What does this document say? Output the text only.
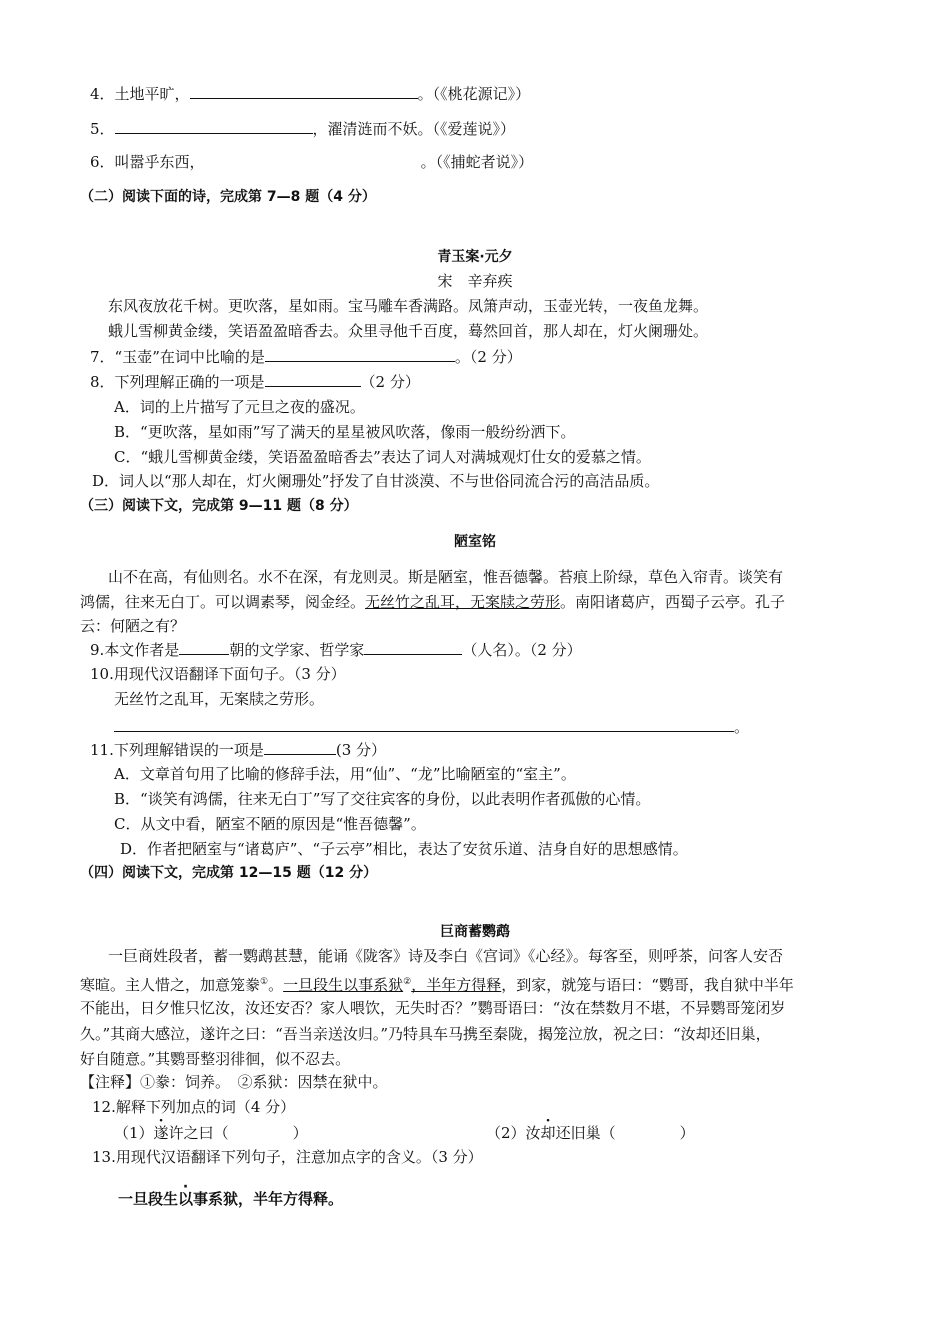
4．土地平旷，	。（《桃花源记》）
5．	，濯清涟而不妖。（《爱莲说》）
6．叫嚣乎东西，	。（《捕蛇者说》）
（二）阅读下面的诗，完成第 7—8 题（4 分）
青玉案·元夕
宋　辛弃疾
东风夜放花千树。更吹落，星如雨。宝马雕车香满路。凤箫声动，玉壶光转，一夜鱼龙舞。
蛾儿雪柳黄金缕，笑语盈盈暗香去。众里寻他千百度，蓦然回首，那人却在，灯火阑珊处。
7．“玉壶”在词中比喻的是	。（2 分）
8．下列理解正确的一项是	（2 分）
A．词的上片描写了元旦之夜的盛况。
B．“更吹落，星如雨”写了满天的星星被风吹落，像雨一般纷纷洒下。
C．“蛾儿雪柳黄金缕，笑语盈盈暗香去”表达了词人对满城观灯仕女的爱慕之情。
D．词人以“那人却在，灯火阑珊处”抒发了自甘淡漠、不与世俗同流合污的高洁品质。
（三）阅读下文，完成第 9—11 题（8 分）
陋室铭
山不在高，有仙则名。水不在深，有龙则灵。斯是陋室，惟吾德馨。苔痕上阶绿，草色入帘青。谈笑有
鸿儒，往来无白丁。可以调素琴，阅金经。无丝竹之乱耳，无案牍之劳形。南阳诸葛庐，西蜀子云亭。孔子
云：何陋之有？
9.本文作者是	朝的文学家、哲学家	（人名）。（2 分）
10.用现代汉语翻译下面句子。（3 分）
无丝竹之乱耳，无案牍之劳形。
。
11.下列理解错误的一项是	(3 分）
A．文章首句用了比喻的修辞手法，用“仙”、“龙”比喻陋室的“室主”。
B．“谈笑有鸿儒，往来无白丁”写了交往宾客的身份，以此表明作者孤傲的心情。
C．从文中看，陋室不陋的原因是“惟吾德馨”。
D．作者把陋室与“诸葛庐”、“子云亭”相比，表达了安贫乐道、洁身自好的思想感情。
（四）阅读下文，完成第 12—15 题（12 分）
巨商蓄鹦鹉
一巨商姓段者，蓄一鹦鹉甚慧，能诵《陇客》诗及李白《宫词》《心经》。每客至，则呼茶，问客人安否
寒暄。主人惜之，加意笼豢①。一旦段生以事系狱②，半年方得释，到家，就笼与语曰：“鹦哥，我自狱中半年
不能出，日夕惟只忆汝，汝还安否？家人喂饮，无失时否？”鹦哥语曰：“汝在禁数月不堪，不异鹦哥笼闭岁
久。”其商大感泣，遂许之曰：“吾当亲送汝归。”乃特具车马携至秦陇，揭笼泣放，祝之曰：“汝却还旧巢，
好自随意。”其鹦哥整羽徘徊，似不忍去。
【注释】①豢：饲养。　②系狱：因禁在狱中。
12.解释下列加点的词（4 分）
（1）遂许之曰（	）	（2）汝却还旧巢（	）
13.用现代汉语翻译下列句子，注意加点字的含义。（3 分）
一旦段生以事系狱，半年方得释。
